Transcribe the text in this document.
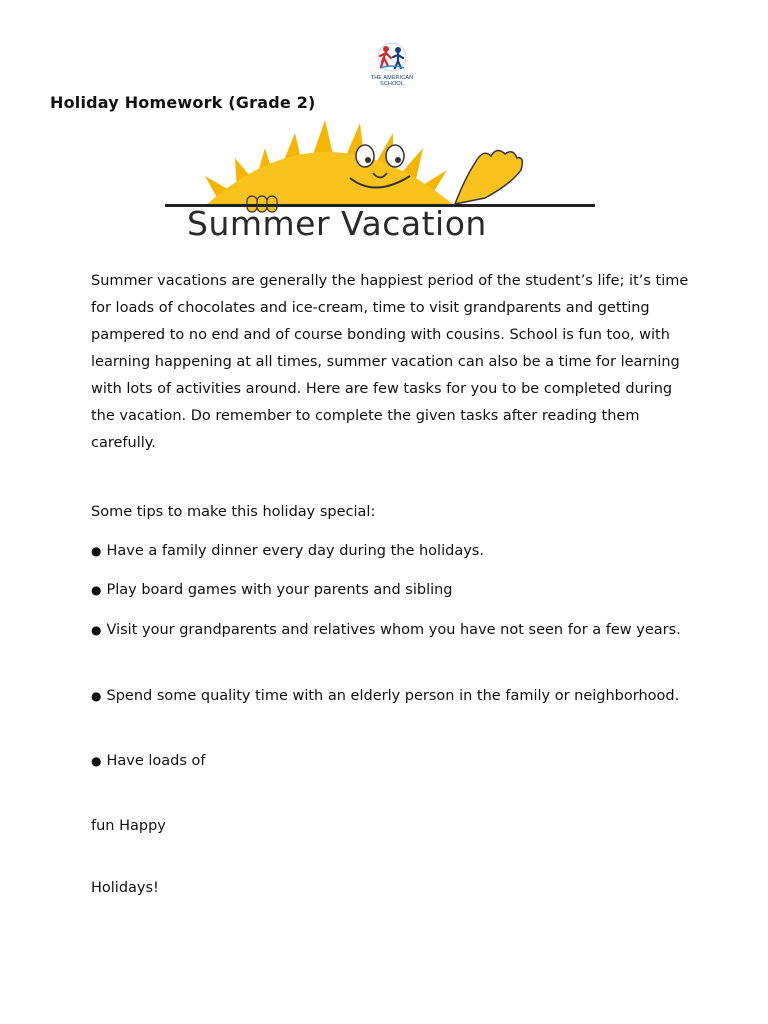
THE AMERICAN
SCHOOL
Holiday Homework (Grade 2)
Summer Vacation

Summer vacations are generally the happiest period of the student’s life; it’s time for loads of chocolates and ice-cream, time to visit grandparents and getting pampered to no end and of course bonding with cousins. School is fun too, with learning happening at all times, summer vacation can also be a time for learning with lots of activities around. Here are few tasks for you to be completed during the vacation. Do remember to complete the given tasks after reading them carefully.

Some tips to make this holiday special:

● Have a family dinner every day during the holidays.

● Play board games with your parents and sibling

● Visit your grandparents and relatives whom you have not seen for a few years.

● Spend some quality time with an elderly person in the family or neighborhood.

● Have loads of

fun Happy

Holidays!
